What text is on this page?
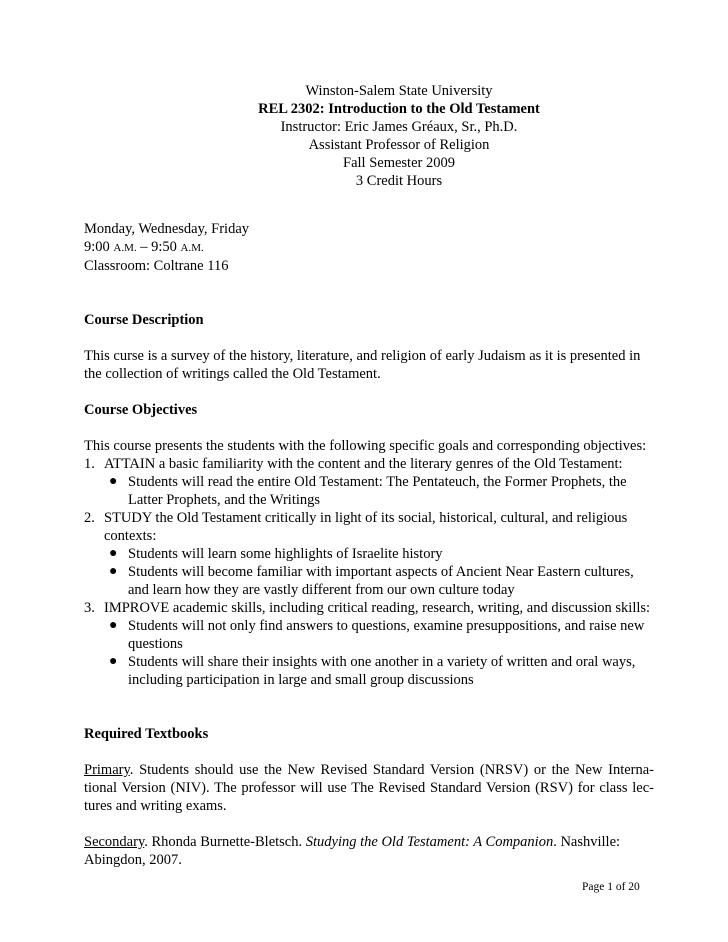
Winston-Salem State University
REL 2302: Introduction to the Old Testament
Instructor: Eric James Gréaux, Sr., Ph.D.
Assistant Professor of Religion
Fall Semester 2009
3 Credit Hours
Monday, Wednesday, Friday
9:00 A.M. – 9:50 A.M.
Classroom: Coltrane 116
Course Description

This curse is a survey of the history, literature, and religion of early Judaism as it is presented in the collection of writings called the Old Testament.

Course Objectives

This course presents the students with the following specific goals and corresponding objectives:

1. ATTAIN a basic familiarity with the content and the literary genres of the Old Testament:
● Students will read the entire Old Testament: The Pentateuch, the Former Prophets, the Latter Prophets, and the Writings
2. STUDY the Old Testament critically in light of its social, historical, cultural, and religious contexts:
● Students will learn some highlights of Israelite history
● Students will become familiar with important aspects of Ancient Near Eastern cultures, and learn how they are vastly different from our own culture today
3. IMPROVE academic skills, including critical reading, research, writing, and discussion skills:
● Students will not only find answers to questions, examine presuppositions, and raise new questions
● Students will share their insights with one another in a variety of written and oral ways, including participation in large and small group discussions
Required Textbooks

Primary. Students should use the New Revised Standard Version (NRSV) or the New Interna-tional Version (NIV). The professor will use The Revised Standard Version (RSV) for class lec-tures and writing exams.

Secondary. Rhonda Burnette-Bletsch. Studying the Old Testament: A Companion. Nashville: Abingdon, 2007.

Page 1 of 20
